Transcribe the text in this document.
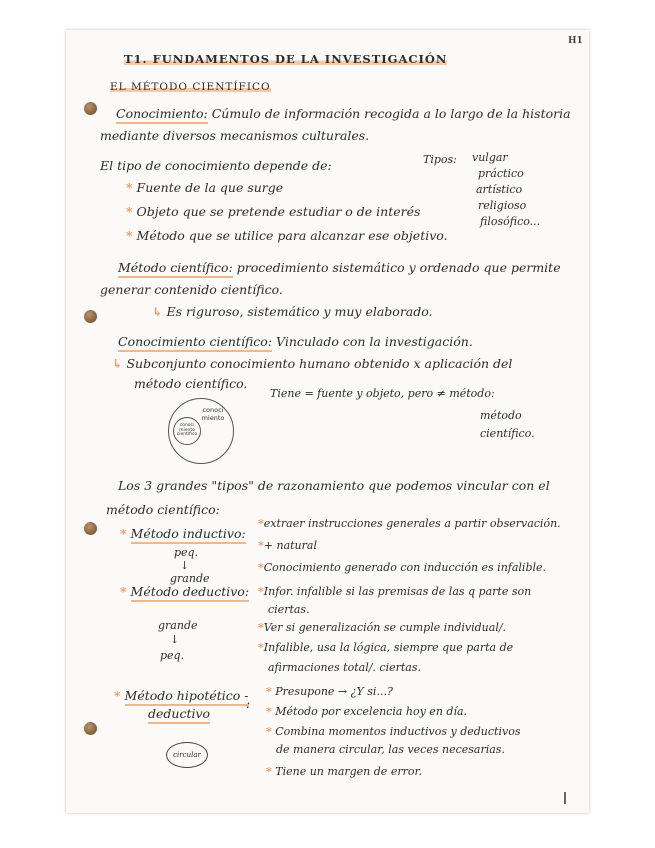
H1
T1. FUNDAMENTOS DE LA INVESTIGACIÓN
EL MÉTODO CIENTÍFICO
Conocimiento: Cúmulo de información recogida a lo largo de la historia
mediante diversos mecanismos culturales.
El tipo de conocimiento depende de:
* Fuente de la que surge
* Objeto que se pretende estudiar o de interés
* Método que se utilice para alcanzar ese objetivo.
Tipos: vulgar
práctico
artístico
religioso
filosófico...
Método científico: procedimiento sistemático y ordenado que permite
generar contenido científico.
↳ Es riguroso, sistemático y muy elaborado.
Conocimiento científico: Vinculado con la investigación.
↳ Subconjunto conocimiento humano obtenido x aplicación del
método científico.
Tiene = fuente y objeto, pero ≠ método:
método
científico.
conoci miento científico
conoci miento
Los 3 grandes "tipos" de razonamiento que podemos vincular con el
método científico:
* Método inductivo:
*extraer instrucciones generales a partir observación.
*+ natural
*Conocimiento generado con inducción es infalible.
peq.
↓
grande
* Método deductivo: *Infor. infalible si las premisas de las q parte son
ciertas.
*Ver si generalización se cumple individual/.
*Infalible, usa la lógica, siempre que parta de
afirmaciones total/. ciertas.
grande
↓
peq.
* Método hipotético -
deductivo
:
* Presupone → ¿Y si...?
* Método por excelencia hoy en día.
* Combina momentos inductivos y deductivos
de manera circular, las veces necesarias.
* Tiene un margen de error.
circular
